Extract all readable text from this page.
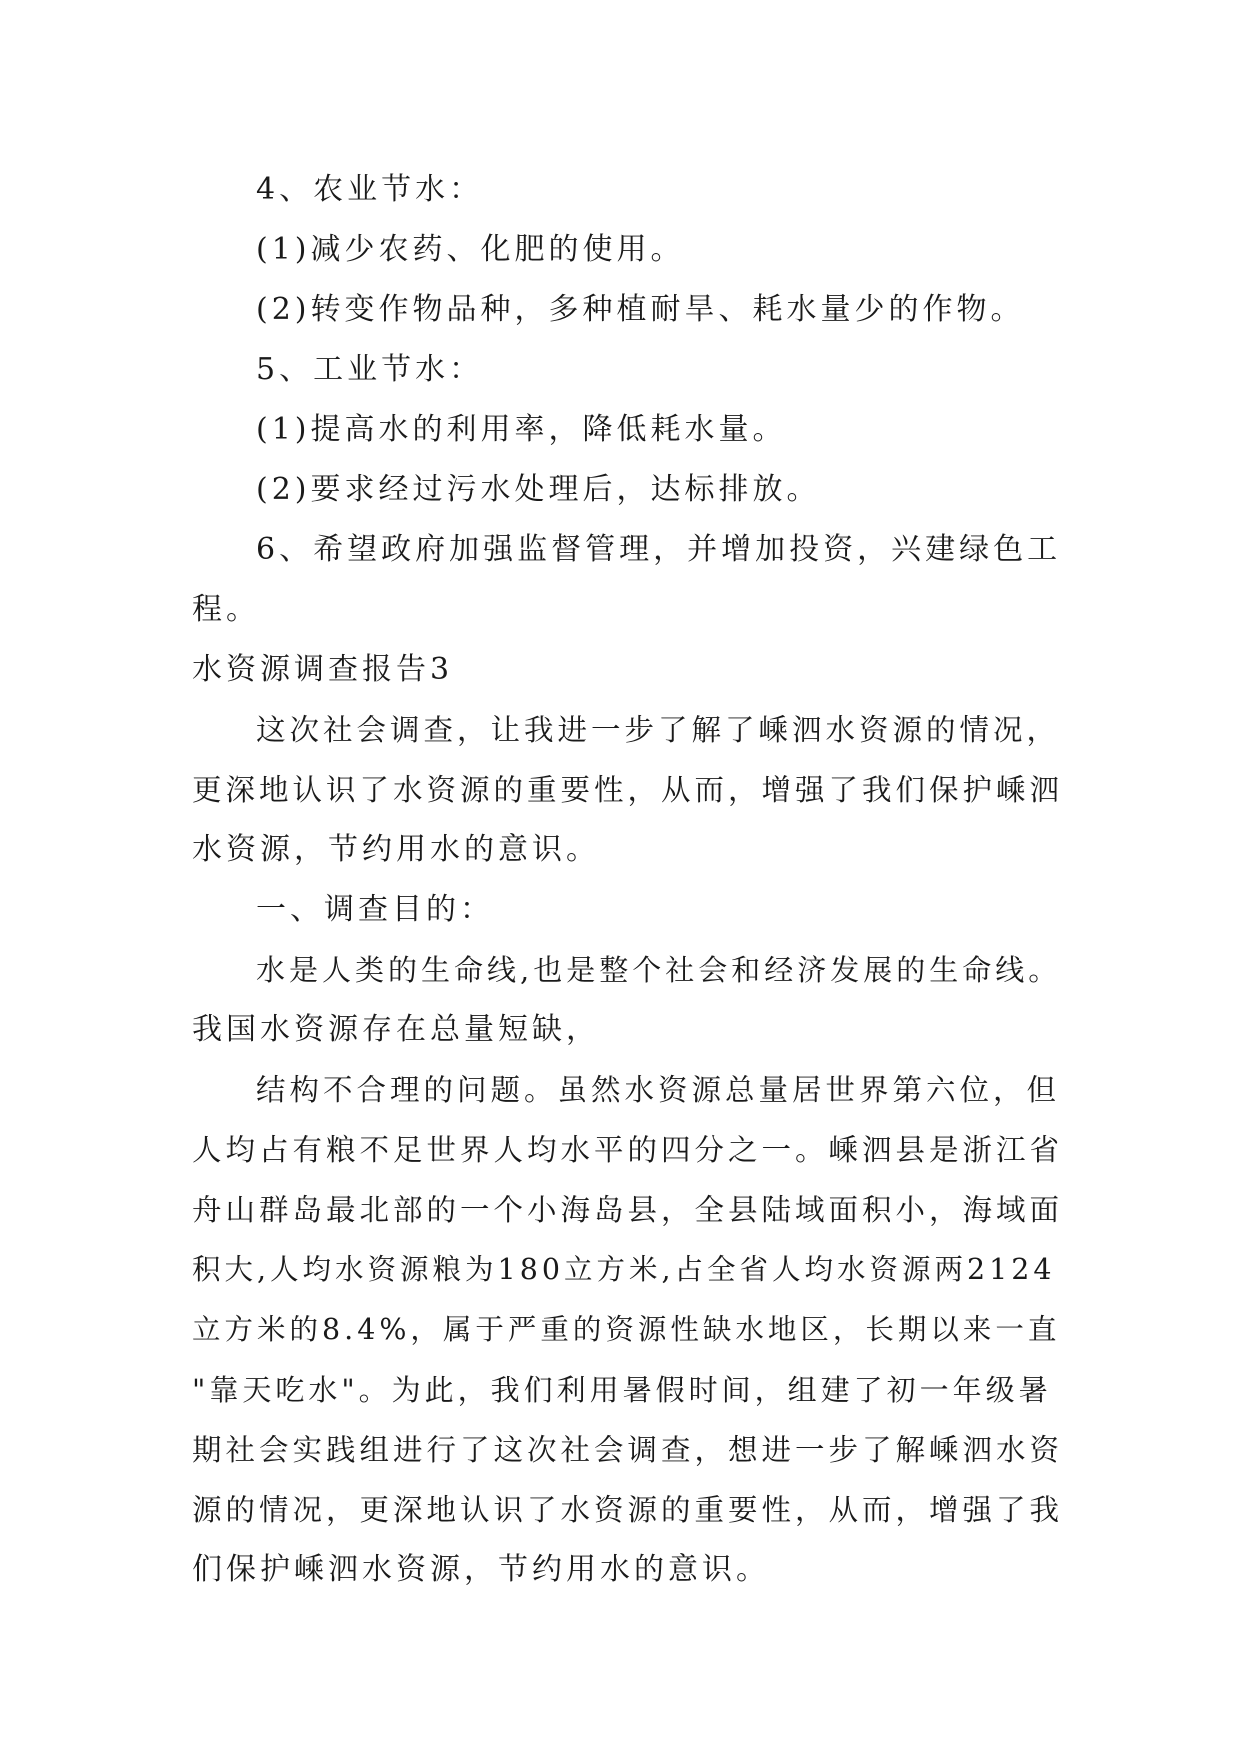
4、农业节水：
(1)减少农药、化肥的使用。
(2)转变作物品种，多种植耐旱、耗水量少的作物。
5、工业节水：
(1)提高水的利用率，降低耗水量。
(2)要求经过污水处理后，达标排放。
6、希望政府加强监督管理，并增加投资，兴建绿色工
程。
水资源调查报告3
这次社会调查，让我进一步了解了嵊泗水资源的情况，
更深地认识了水资源的重要性，从而，增强了我们保护嵊泗
水资源，节约用水的意识。
一、调查目的：
水是人类的生命线,也是整个社会和经济发展的生命线。
我国水资源存在总量短缺，
结构不合理的问题。虽然水资源总量居世界第六位，但
人均占有粮不足世界人均水平的四分之一。嵊泗县是浙江省
舟山群岛最北部的一个小海岛县，全县陆域面积小，海域面
积大,人均水资源粮为180立方米,占全省人均水资源两2124
立方米的8.4%，属于严重的资源性缺水地区，长期以来一直
"靠天吃水"。为此，我们利用暑假时间，组建了初一年级暑
期社会实践组进行了这次社会调查，想进一步了解嵊泗水资
源的情况，更深地认识了水资源的重要性，从而，增强了我
们保护嵊泗水资源，节约用水的意识。
